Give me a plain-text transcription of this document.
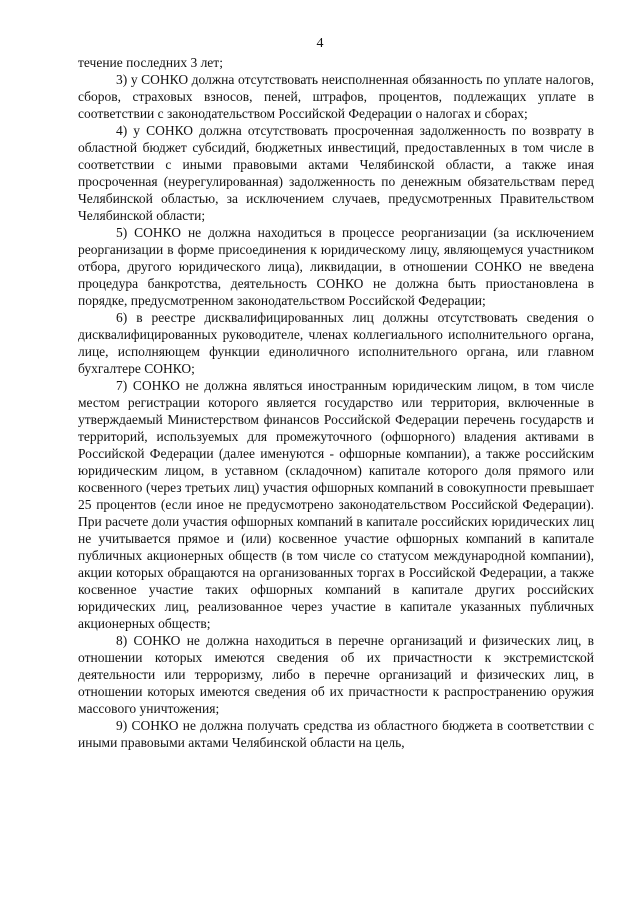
4

течение последних 3 лет;

3) у СОНКО должна отсутствовать неисполненная обязанность по уплате налогов, сборов, страховых взносов, пеней, штрафов, процентов, подлежащих уплате в соответствии с законодательством Российской Федерации о налогах и сборах;

4) у СОНКО должна отсутствовать просроченная задолженность по возврату в областной бюджет субсидий, бюджетных инвестиций, предоставленных в том числе в соответствии с иными правовыми актами Челябинской области, а также иная просроченная (неурегулированная) задолженность по денежным обязательствам перед Челябинской областью, за исключением случаев, предусмотренных Правительством Челябинской области;

5) СОНКО не должна находиться в процессе реорганизации (за исключением реорганизации в форме присоединения к юридическому лицу, являющемуся участником отбора, другого юридического лица), ликвидации, в отношении СОНКО не введена процедура банкротства, деятельность СОНКО не должна быть приостановлена в порядке, предусмотренном законодательством Российской Федерации;

6) в реестре дисквалифицированных лиц должны отсутствовать сведения о дисквалифицированных руководителе, членах коллегиального исполнительного органа, лице, исполняющем функции единоличного исполнительного органа, или главном бухгалтере СОНКО;

7) СОНКО не должна являться иностранным юридическим лицом, в том числе местом регистрации которого является государство или территория, включенные в утверждаемый Министерством финансов Российской Федерации перечень государств и территорий, используемых для промежуточного (офшорного) владения активами в Российской Федерации (далее именуются - офшорные компании), а также российским юридическим лицом, в уставном (складочном) капитале которого доля прямого или косвенного (через третьих лиц) участия офшорных компаний в совокупности превышает 25 процентов (если иное не предусмотрено законодательством Российской Федерации). При расчете доли участия офшорных компаний в капитале российских юридических лиц не учитывается прямое и (или) косвенное участие офшорных компаний в капитале публичных акционерных обществ (в том числе со статусом международной компании), акции которых обращаются на организованных торгах в Российской Федерации, а также косвенное участие таких офшорных компаний в капитале других российских юридических лиц, реализованное через участие в капитале указанных публичных акционерных обществ;

8) СОНКО не должна находиться в перечне организаций и физических лиц, в отношении которых имеются сведения об их причастности к экстремистской деятельности или терроризму, либо в перечне организаций и физических лиц, в отношении которых имеются сведения об их причастности к распространению оружия массового уничтожения;

9) СОНКО не должна получать средства из областного бюджета в соответствии с иными правовыми актами Челябинской области на цель,
